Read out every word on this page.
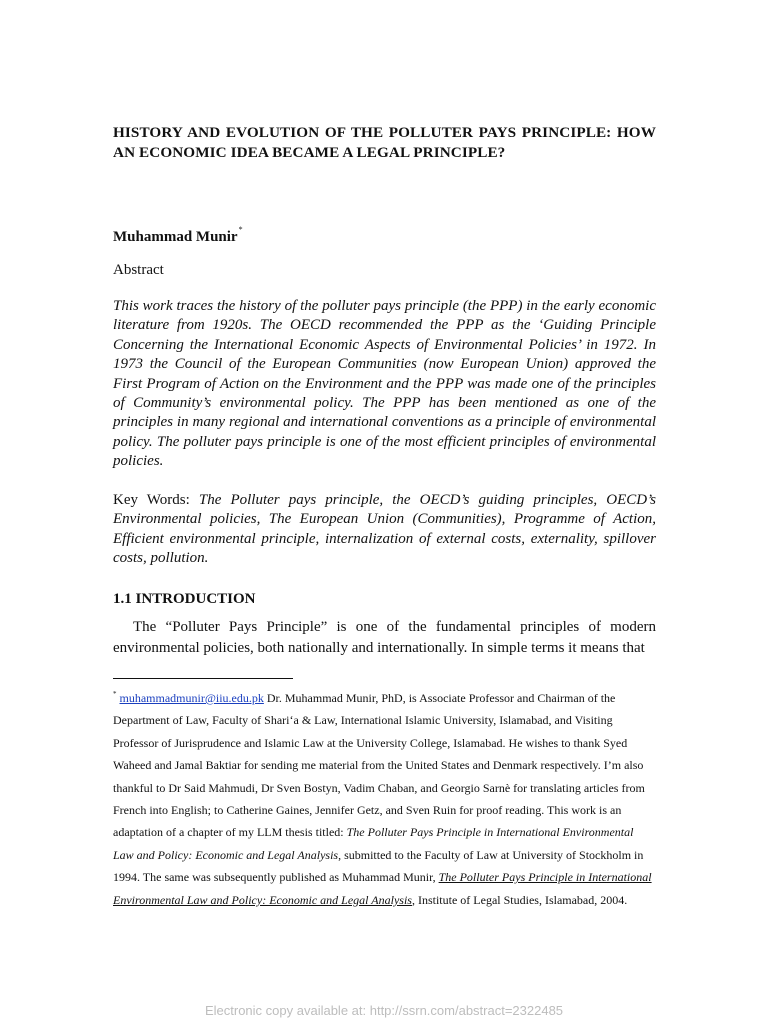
HISTORY AND EVOLUTION OF THE POLLUTER PAYS PRINCIPLE: HOW AN ECONOMIC IDEA BECAME A LEGAL PRINCIPLE?

Muhammad Munir*

Abstract

This work traces the history of the polluter pays principle (the PPP) in the early economic literature from 1920s. The OECD recommended the PPP as the ‘Guiding Principle Concerning the International Economic Aspects of Environmental Policies’ in 1972. In 1973 the Council of the European Communities (now European Union) approved the First Program of Action on the Environment and the PPP was made one of the principles of Community’s environmental policy. The PPP has been mentioned as one of the principles in many regional and international conventions as a principle of environmental policy. The polluter pays principle is one of the most efficient principles of environmental policies.

Key Words: The Polluter pays principle, the OECD’s guiding principles, OECD’s Environmental policies, The European Union (Communities), Programme of Action, Efficient environmental principle, internalization of external costs, externality, spillover costs, pollution.

1.1 INTRODUCTION

The “Polluter Pays Principle” is one of the fundamental principles of modern environmental policies, both nationally and internationally. In simple terms it means that

* muhammadmunir@iiu.edu.pk Dr. Muhammad Munir, PhD, is Associate Professor and Chairman of the Department of Law, Faculty of Shari‘a & Law, International Islamic University, Islamabad, and Visiting Professor of Jurisprudence and Islamic Law at the University College, Islamabad. He wishes to thank Syed Waheed and Jamal Baktiar for sending me material from the United States and Denmark respectively. I’m also thankful to Dr Said Mahmudi, Dr Sven Bostyn, Vadim Chaban, and Georgio Sarnè for translating articles from French into English; to Catherine Gaines, Jennifer Getz, and Sven Ruin for proof reading. This work is an adaptation of a chapter of my LLM thesis titled: The Polluter Pays Principle in International Environmental Law and Policy: Economic and Legal Analysis, submitted to the Faculty of Law at University of Stockholm in 1994. The same was subsequently published as Muhammad Munir, The Polluter Pays Principle in International Environmental Law and Policy: Economic and Legal Analysis, Institute of Legal Studies, Islamabad, 2004.

Electronic copy available at: http://ssrn.com/abstract=2322485
